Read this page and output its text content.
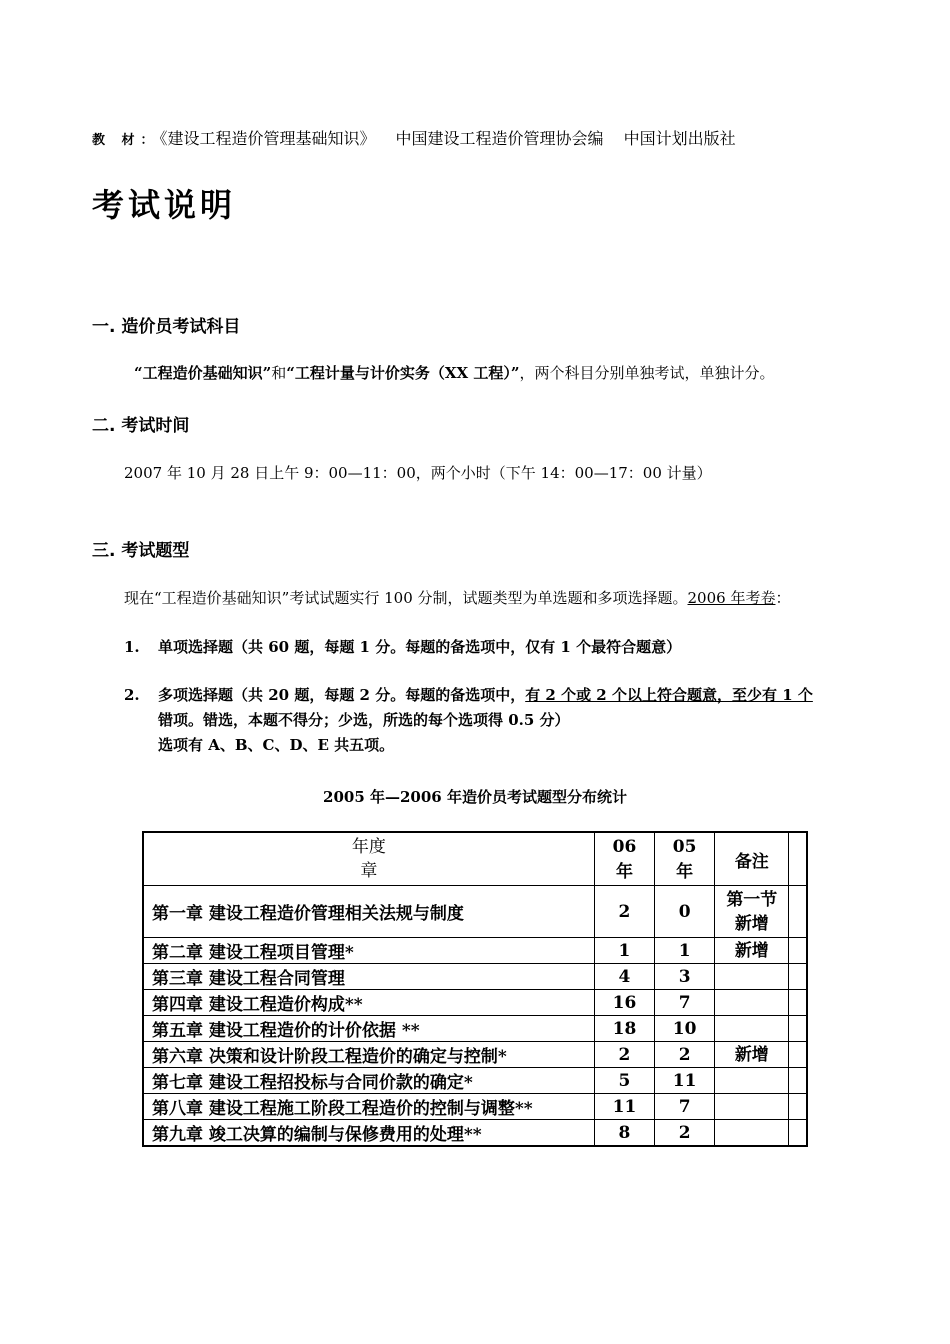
教 材：《建设工程造价管理基础知识》 中国建设工程造价管理协会编 中国计划出版社
考试说明
一. 造价员考试科目
“工程造价基础知识”和“工程计量与计价实务（XX 工程）”，两个科目分别单独考试，单独计分。
二. 考试时间
2007 年 10 月 28 日上午 9：00—11：00，两个小时（下午 14：00—17：00 计量）
三. 考试题型
现在“工程造价基础知识”考试试题实行 100 分制，试题类型为单选题和多项选择题。2006 年考卷：
1. 单项选择题（共 60 题，每题 1 分。每题的备选项中，仅有 1 个最符合题意）
2.	多项选择题（共 20 题，每题 2 分。每题的备选项中，有 2 个或 2 个以上符合题意，至少有 1 个
错项。错选，本题不得分；少选，所选的每个选项得 0.5 分）
选项有 A、B、C、D、E 共五项。
2005 年—2006 年造价员考试题型分布统计
年度
章	06 年	05 年	备注	
第一章 建设工程造价管理相关法规与制度	2	0	第一节
新增	

第二章 建设工程项目管理*	1	1	新增	
第三章 建设工程合同管理	4	3		
第四章 建设工程造价构成**	16	7		
第五章 建设工程造价的计价依据 **	18	10		
第六章 决策和设计阶段工程造价的确定与控制*	2	2	新增	
第七章 建设工程招投标与合同价款的确定*	5	11		
第八章 建设工程施工阶段工程造价的控制与调整**	11	7		
第九章 竣工决算的编制与保修费用的处理**	8	2		
